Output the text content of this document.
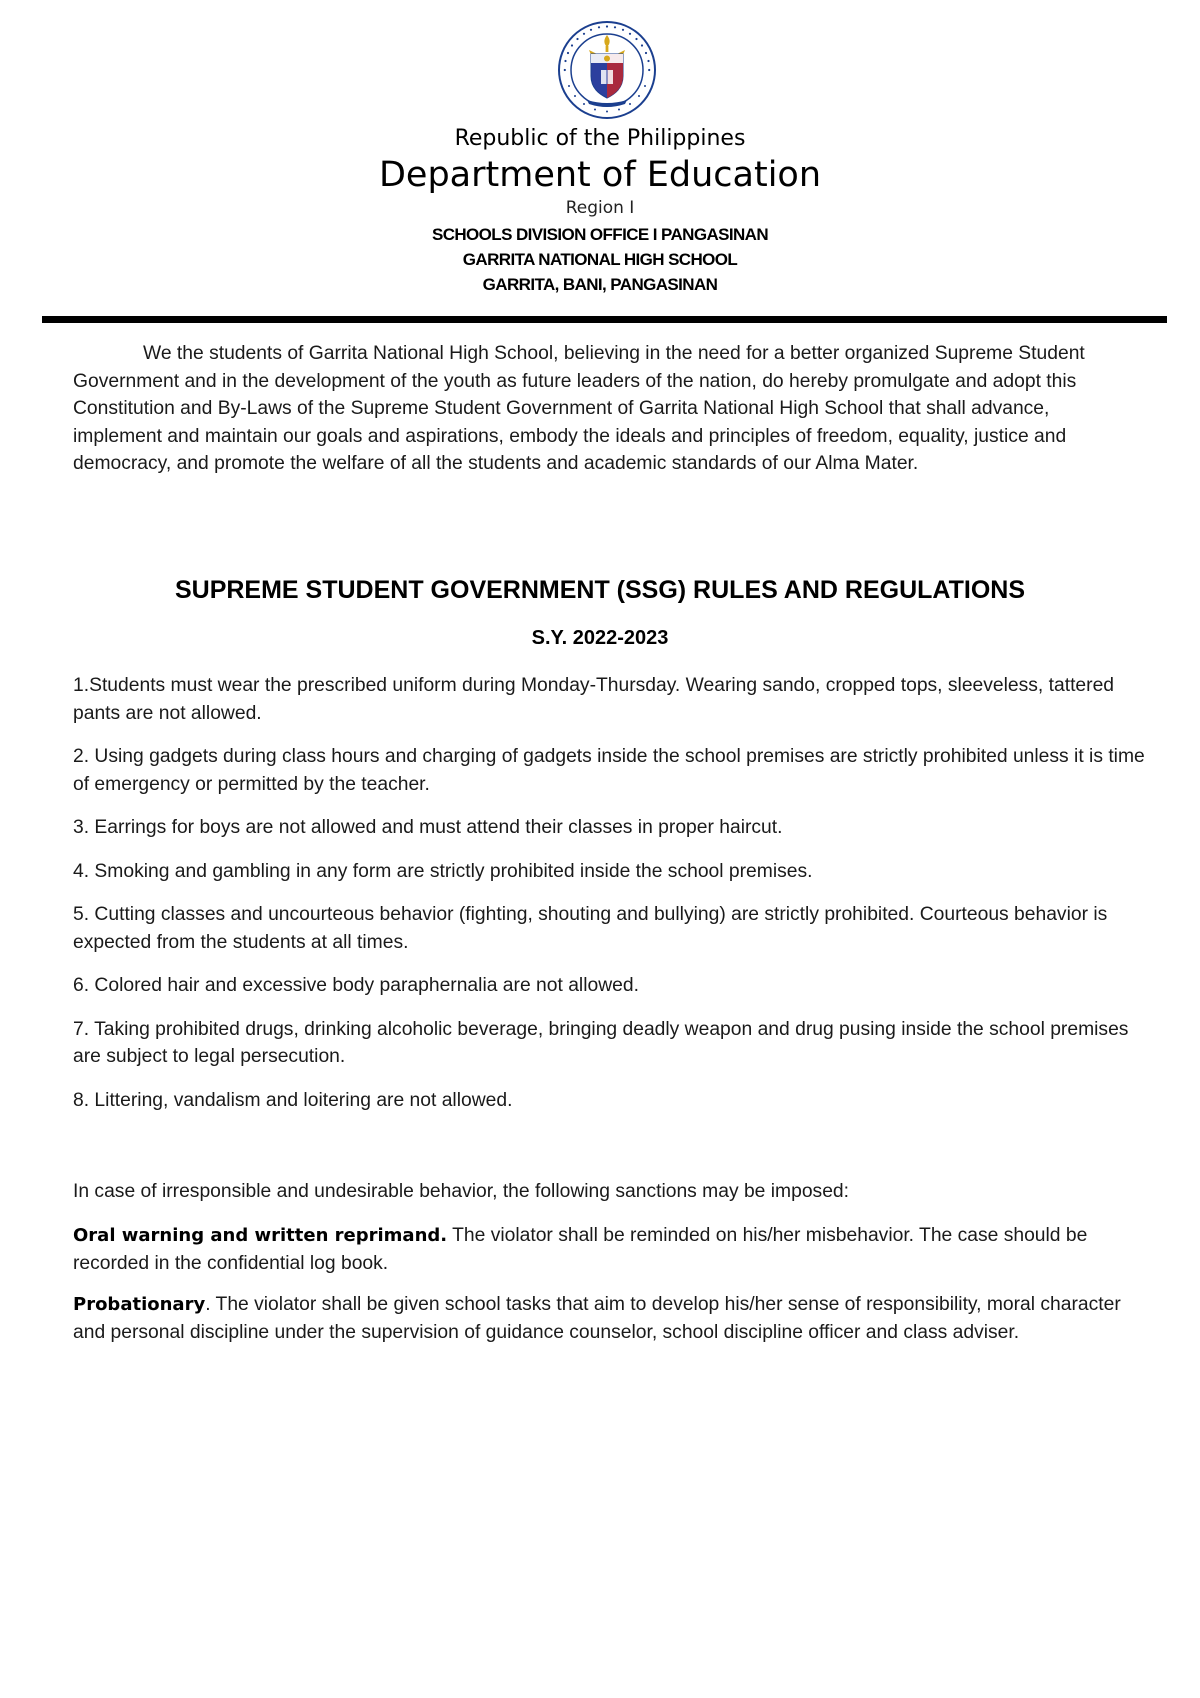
Republic of the Philippines
Department of Education
Region I
SCHOOLS DIVISION OFFICE I PANGASINAN
GARRITA NATIONAL HIGH SCHOOL
GARRITA, BANI, PANGASINAN

We the students of Garrita National High School, believing in the need for a better organized Supreme Student Government and in the development of the youth as future leaders of the nation, do hereby promulgate and adopt this Constitution and By-Laws of the Supreme Student Government of Garrita National High School that shall advance, implement and maintain our goals and aspirations, embody the ideals and principles of freedom, equality, justice and democracy, and promote the welfare of all the students and academic standards of our Alma Mater.

SUPREME STUDENT GOVERNMENT (SSG) RULES AND REGULATIONS
S.Y. 2022-2023
1.Students must wear the prescribed uniform during Monday-Thursday. Wearing sando, cropped tops, sleeveless, tattered pants are not allowed.
2. Using gadgets during class hours and charging of gadgets inside the school premises are strictly prohibited unless it is time of emergency or permitted by the teacher.
3. Earrings for boys are not allowed and must attend their classes in proper haircut.
4. Smoking and gambling in any form are strictly prohibited inside the school premises.
5. Cutting classes and uncourteous behavior (fighting, shouting and bullying) are strictly prohibited. Courteous behavior is expected from the students at all times.
6. Colored hair and excessive body paraphernalia are not allowed.
7. Taking prohibited drugs, drinking alcoholic beverage, bringing deadly weapon and drug pusing inside the school premises are subject to legal persecution.
8. Littering, vandalism and loitering are not allowed.

In case of irresponsible and undesirable behavior, the following sanctions may be imposed:

Oral warning and written reprimand. The violator shall be reminded on his/her misbehavior. The case should be recorded in the confidential log book.

Probationary. The violator shall be given school tasks that aim to develop his/her sense of responsibility, moral character and personal discipline under the supervision of guidance counselor, school discipline officer and class adviser.
